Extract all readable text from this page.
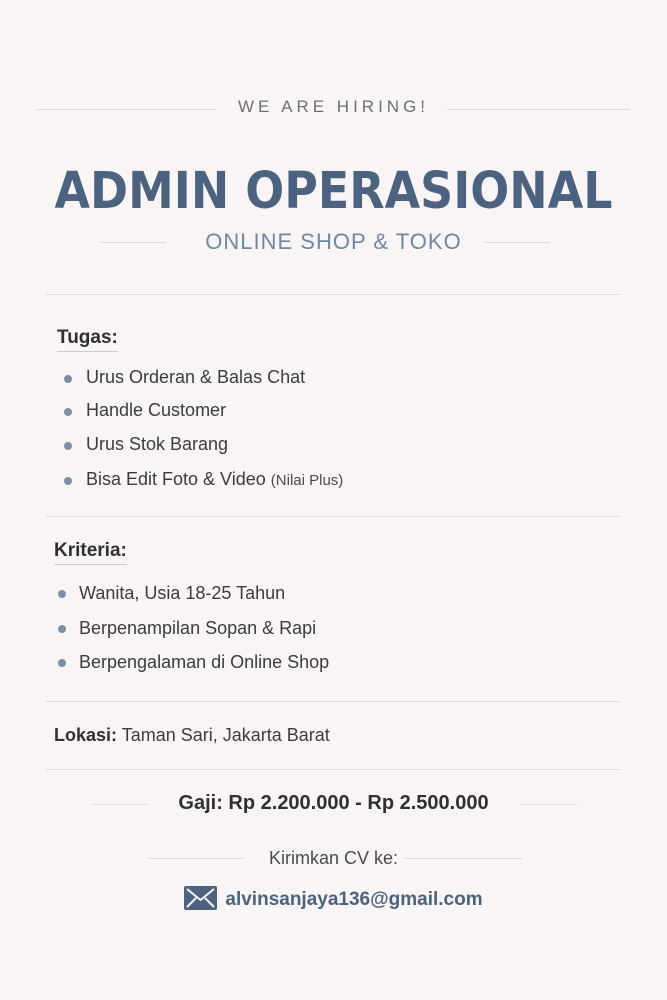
WE ARE HIRING!
ADMIN OPERASIONAL
ONLINE SHOP & TOKO
Tugas:
Urus Orderan & Balas Chat
Handle Customer
Urus Stok Barang
Bisa Edit Foto & Video (Nilai Plus)
Kriteria:
Wanita, Usia 18-25 Tahun
Berpenampilan Sopan & Rapi
Berpengalaman di Online Shop
Lokasi: Taman Sari, Jakarta Barat
Gaji: Rp 2.200.000 - Rp 2.500.000
Kirimkan CV ke:
alvinsanjaya136@gmail.com
